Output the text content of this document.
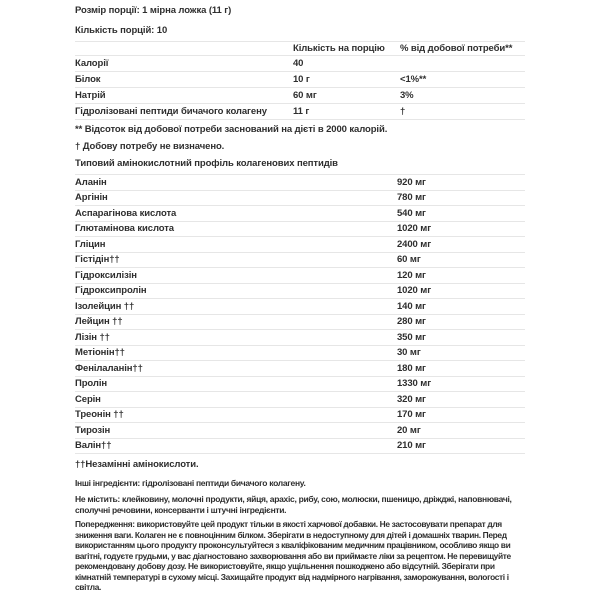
Розмір порції: 1 мірна ложка (11 г)
Кількість порцій: 10
Кількість на порцію	% від добової потреби**
Калорії	40
Білок	10 г	<1%**
Натрій	60 мг	3%
Гідролізовані пептиди бичачого колагену	11 г	†
** Відсоток від добової потреби заснований на дієті в 2000 калорій.
† Добову потребу не визначено.
Типовий амінокислотний профіль колагенових пептидів
Аланін	920 мг
Аргінін	780 мг
Аспарагінова кислота	540 мг
Глютамінова кислота	1020 мг
Гліцин	2400 мг
Гістідін††	60 мг
Гідроксилізін	120 мг
Гідроксипролін	1020 мг
Ізолейцин ††	140 мг
Лейцин ††	280 мг
Лізін ††	350 мг
Метіонін††	30 мг
Фенілаланін††	180 мг
Пролін	1330 мг
Серін	320 мг
Треонін ††	170 мг
Тирозін	20 мг
Валін††	210 мг
††Незамінні амінокислоти.
Інші інгредієнти: гідролізовані пептиди бичачого колагену.
Не містить: клейковину, молочні продукти, яйця, арахіс, рибу, сою, молюски, пшеницю, дріжджі, наповнювачі, сполучні речовини, консерванти і штучні інгредієнти.
Попередження: використовуйте цей продукт тільки в якості харчової добавки. Не застосовувати препарат для зниження ваги. Колаген не є повноцінним білком. Зберігати в недоступному для дітей і домашніх тварин. Перед використанням цього продукту проконсультуйтеся з кваліфікованим медичним працівником, особливо якщо ви вагітні, годуєте грудьми, у вас діагностовано захворювання або ви приймаєте ліки за рецептом. Не перевищуйте рекомендовану добову дозу. Не використовуйте, якщо ущільнення пошкоджено або відсутній. Зберігати при кімнатній температурі в сухому місці. Захищайте продукт від надмірного нагрівання, заморожування, вологості і світла.
